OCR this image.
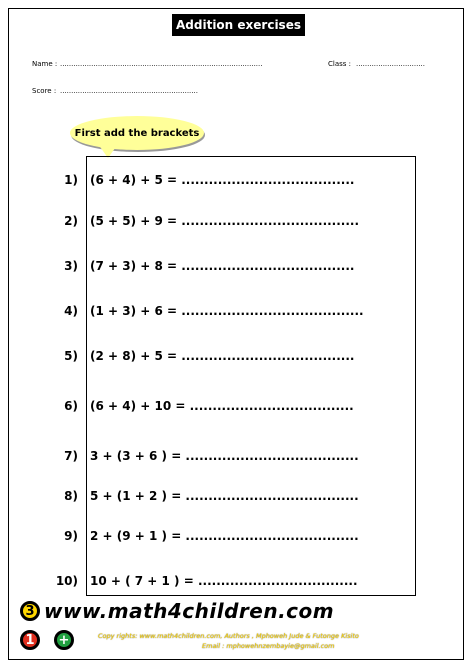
Addition exercises
Name : ...........................................................................................	Class : ...............................
Score : ..............................................................
First add the brackets
1) (6 + 4) + 5 = ......................................
2) (5 + 5) + 9 = .......................................
3) (7 + 3) + 8 = ......................................
4) (1 + 3) + 6 = ........................................
5) (2 + 8) + 5 = ......................................
6) (6 + 4) + 10 = ....................................
7) 3 + (3 + 6 ) = ......................................
8) 5 + (1 + 2 ) = ......................................
9) 2 + (9 + 1 ) = ......................................
10) 10 + ( 7 + 1 ) = ...................................
3
1	+
www.math4children.com
Copy rights: www.math4children.com, Authors , Mphoweh Jude & Futonge Kisito
Email : mphowehnzembayie@gmail.com
